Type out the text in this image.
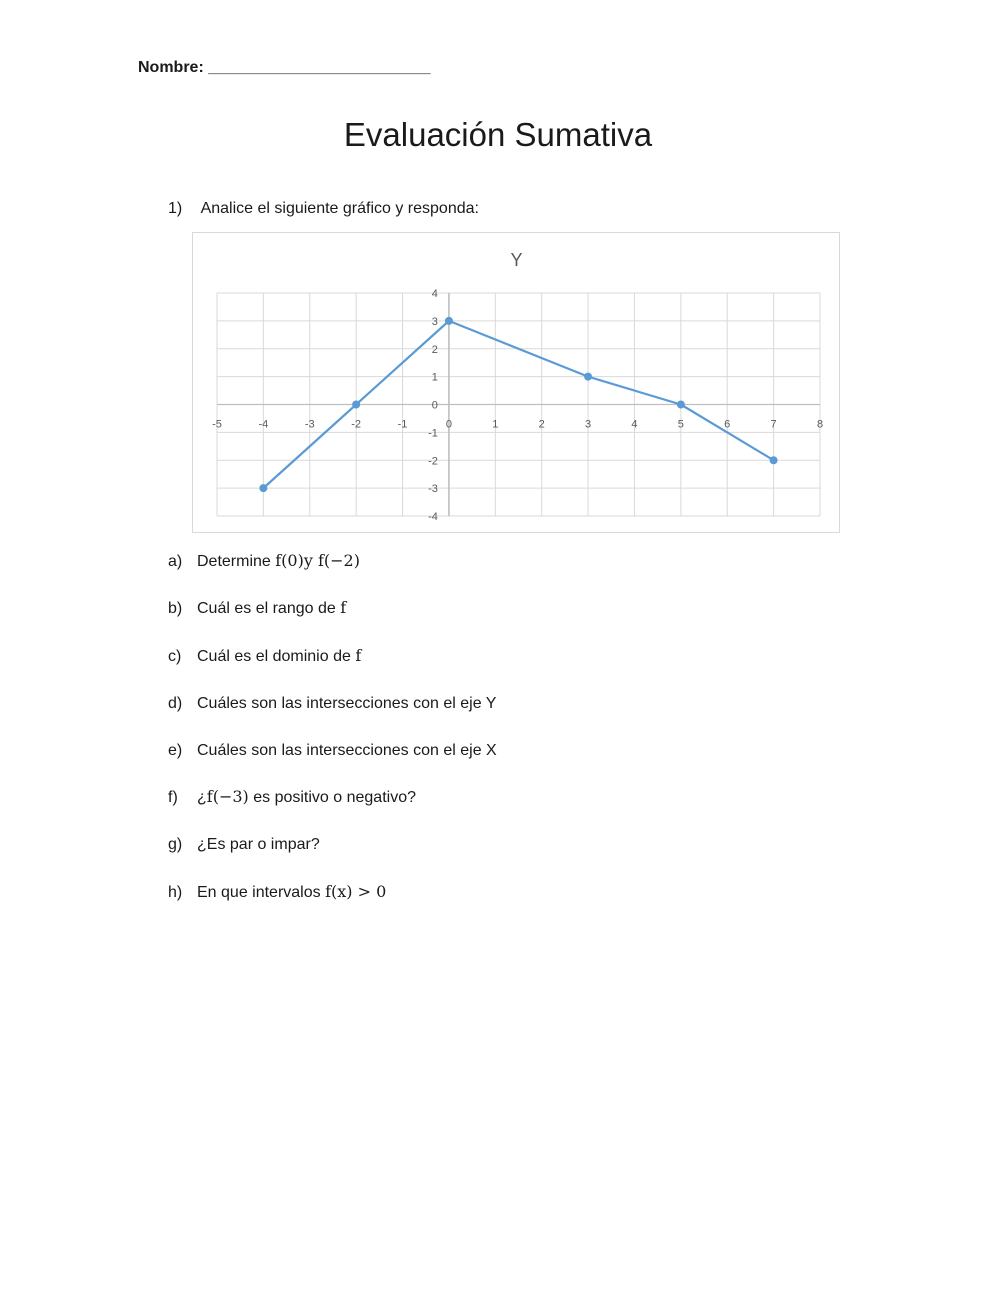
Nombre: _________________________
Evaluación Sumativa
1) Analice el siguiente gráfico y responda:
Y
-5	-4	-3	-2	-1	0	1	2	3	4	5	6	7	8
4
3
2
1
0
-1
-2
-3
-4
a) Determine f(0)y f(−2)
b) Cuál es el rango de f
c) Cuál es el dominio de f
d) Cuáles son las intersecciones con el eje Y
e) Cuáles son las intersecciones con el eje X
f) ¿f(−3) es positivo o negativo?
g) ¿Es par o impar?
h) En que intervalos f(x) > 0
